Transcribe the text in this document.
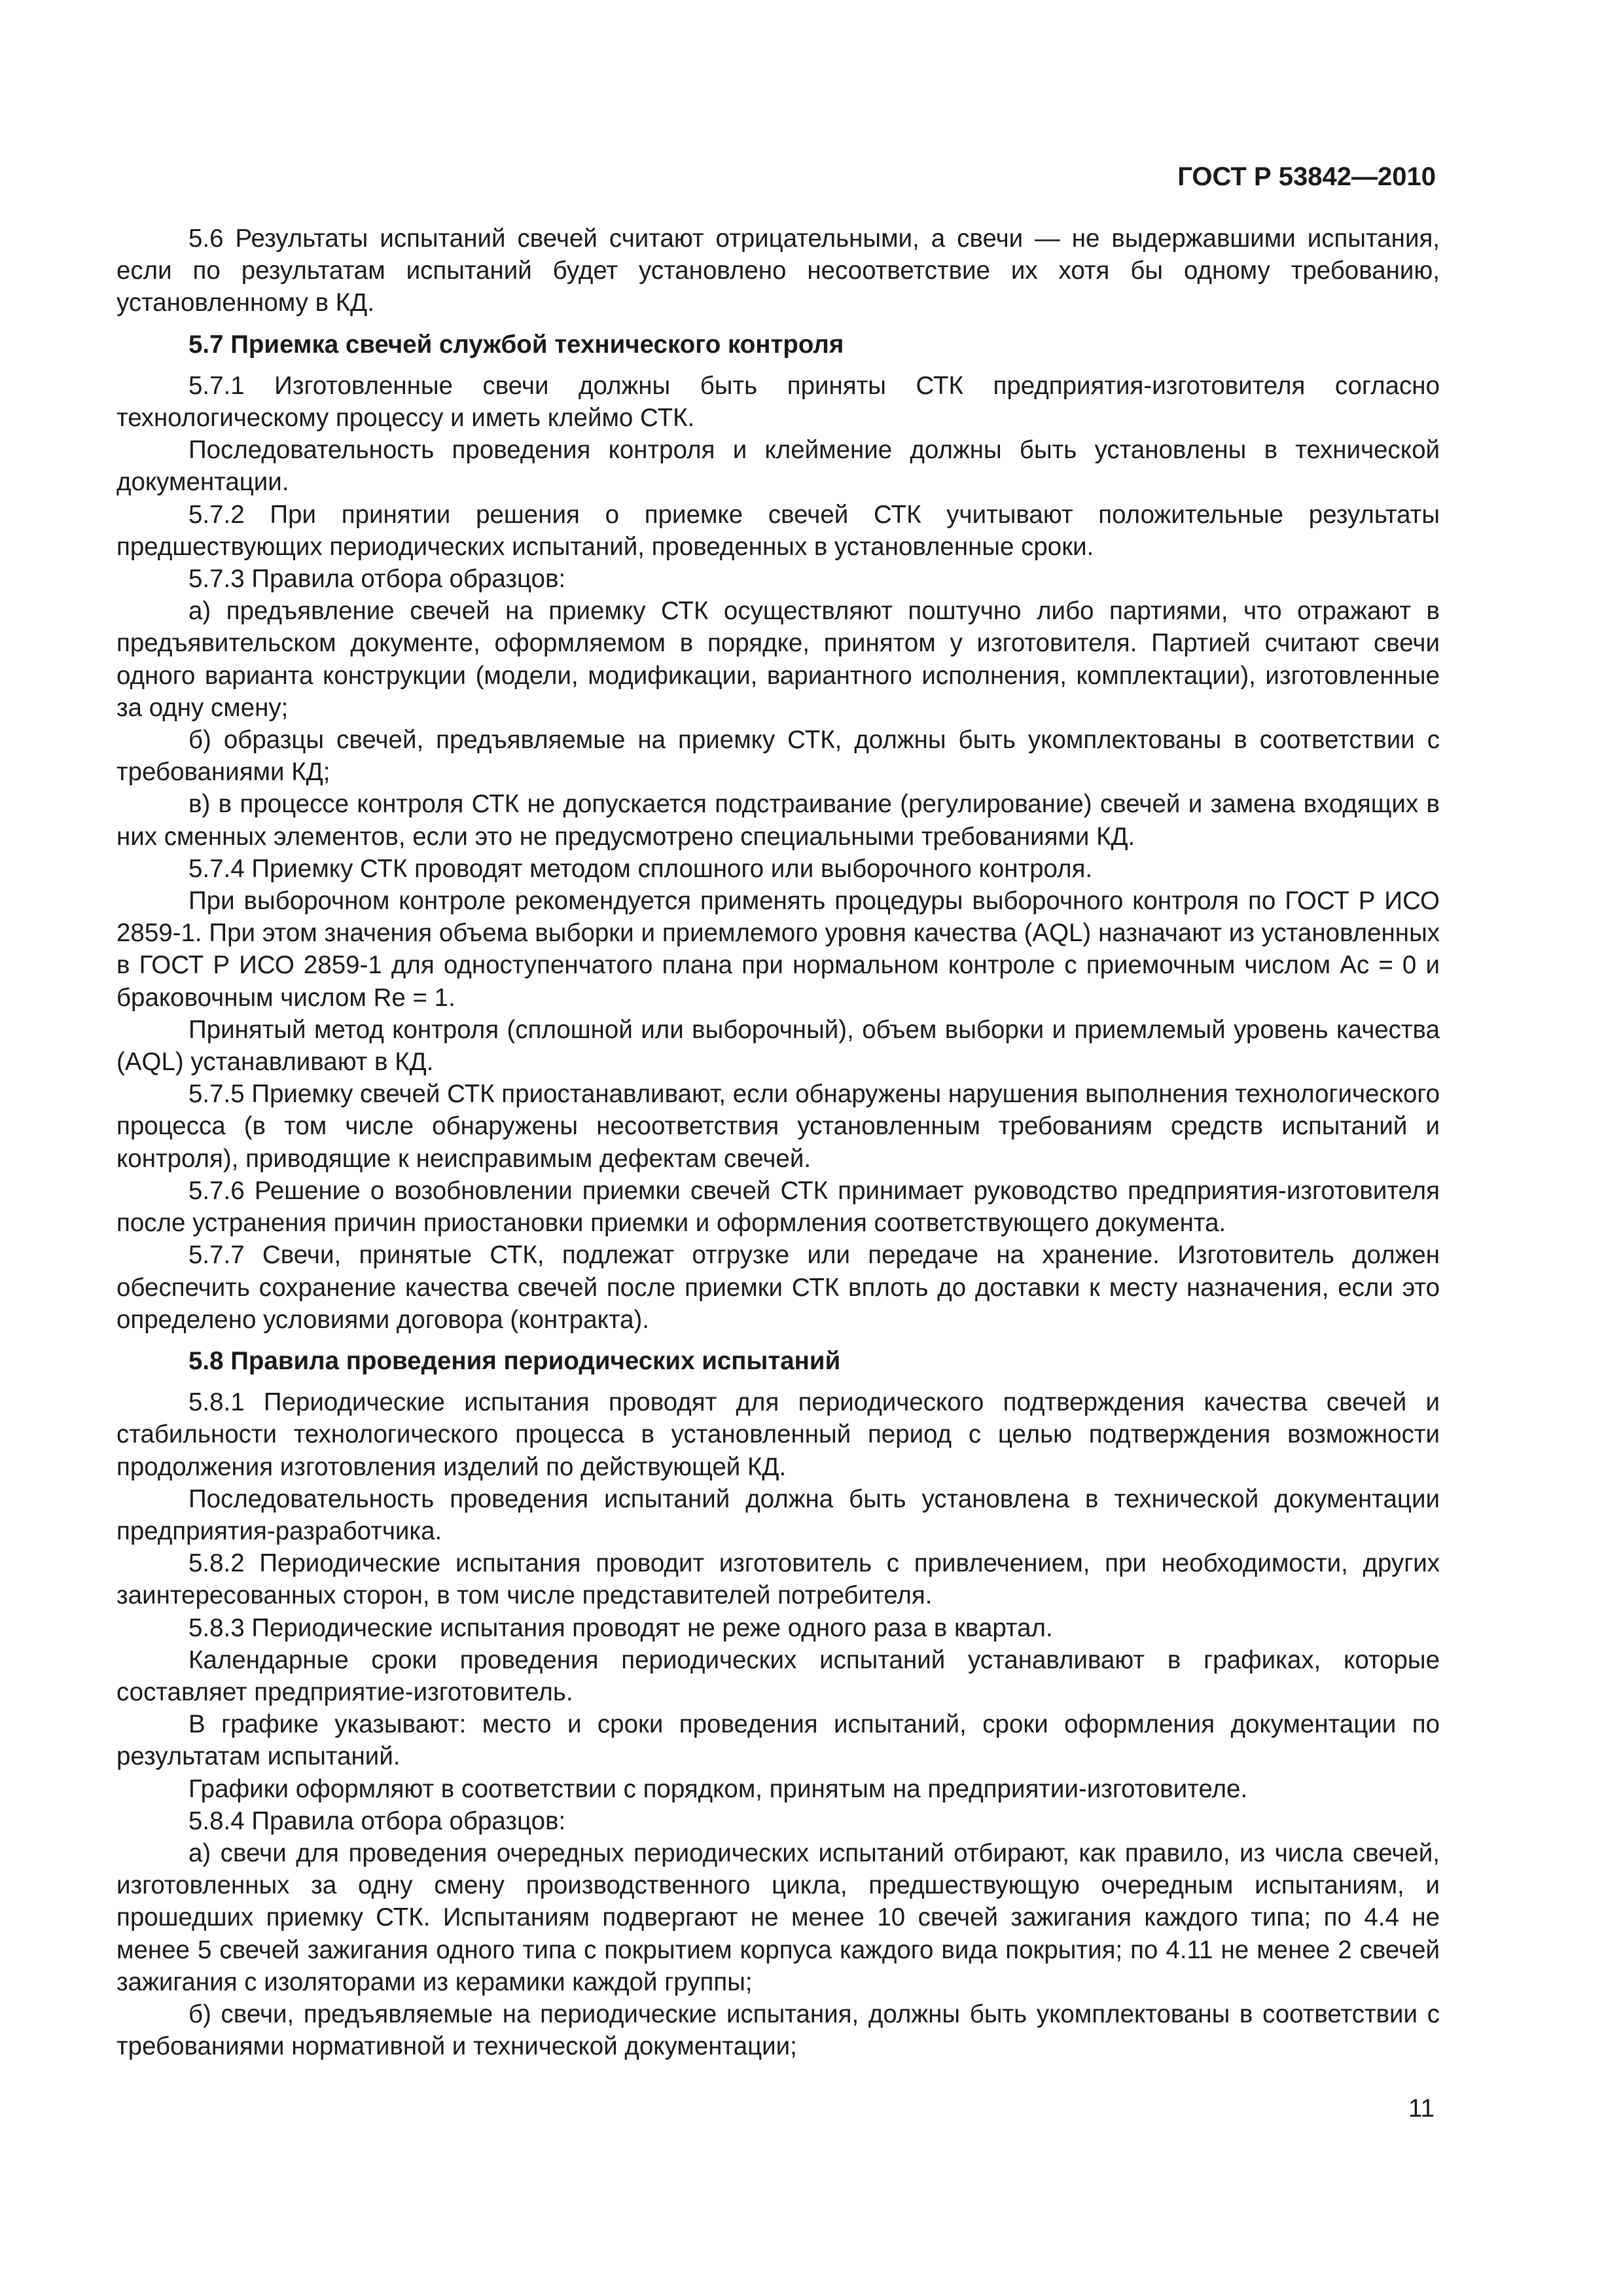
ГОСТ Р 53842—2010

5.6 Результаты испытаний свечей считают отрицательными, а свечи — не выдержавшими испытания, если по результатам испытаний будет установлено несоответствие их хотя бы одному требованию, установленному в КД.

5.7 Приемка свечей службой технического контроля

5.7.1 Изготовленные свечи должны быть приняты СТК предприятия-изготовителя согласно технологическому процессу и иметь клеймо СТК.

Последовательность проведения контроля и клеймение должны быть установлены в технической документации.

5.7.2 При принятии решения о приемке свечей СТК учитывают положительные результаты предшествующих периодических испытаний, проведенных в установленные сроки.

5.7.3 Правила отбора образцов:

а) предъявление свечей на приемку СТК осуществляют поштучно либо партиями, что отражают в предъявительском документе, оформляемом в порядке, принятом у изготовителя. Партией считают свечи одного варианта конструкции (модели, модификации, вариантного исполнения, комплектации), изготовленные за одну смену;

б) образцы свечей, предъявляемые на приемку СТК, должны быть укомплектованы в соответствии с требованиями КД;

в) в процессе контроля СТК не допускается подстраивание (регулирование) свечей и замена входящих в них сменных элементов, если это не предусмотрено специальными требованиями КД.

5.7.4 Приемку СТК проводят методом сплошного или выборочного контроля.

При выборочном контроле рекомендуется применять процедуры выборочного контроля по ГОСТ Р ИСО 2859-1. При этом значения объема выборки и приемлемого уровня качества (AQL) назначают из установленных в ГОСТ Р ИСО 2859-1 для одноступенчатого плана при нормальном контроле с приемочным числом Ac = 0 и браковочным числом Re = 1.

Принятый метод контроля (сплошной или выборочный), объем выборки и приемлемый уровень качества (AQL) устанавливают в КД.

5.7.5 Приемку свечей СТК приостанавливают, если обнаружены нарушения выполнения технологического процесса (в том числе обнаружены несоответствия установленным требованиям средств испытаний и контроля), приводящие к неисправимым дефектам свечей.

5.7.6 Решение о возобновлении приемки свечей СТК принимает руководство предприятия-изготовителя после устранения причин приостановки приемки и оформления соответствующего документа.

5.7.7 Свечи, принятые СТК, подлежат отгрузке или передаче на хранение. Изготовитель должен обеспечить сохранение качества свечей после приемки СТК вплоть до доставки к месту назначения, если это определено условиями договора (контракта).

5.8 Правила проведения периодических испытаний

5.8.1 Периодические испытания проводят для периодического подтверждения качества свечей и стабильности технологического процесса в установленный период с целью подтверждения возможности продолжения изготовления изделий по действующей КД.

Последовательность проведения испытаний должна быть установлена в технической документации предприятия-разработчика.

5.8.2 Периодические испытания проводит изготовитель с привлечением, при необходимости, других заинтересованных сторон, в том числе представителей потребителя.

5.8.3 Периодические испытания проводят не реже одного раза в квартал.

Календарные сроки проведения периодических испытаний устанавливают в графиках, которые составляет предприятие-изготовитель.

В графике указывают: место и сроки проведения испытаний, сроки оформления документации по результатам испытаний.

Графики оформляют в соответствии с порядком, принятым на предприятии-изготовителе.

5.8.4 Правила отбора образцов:

а) свечи для проведения очередных периодических испытаний отбирают, как правило, из числа свечей, изготовленных за одну смену производственного цикла, предшествующую очередным испытаниям, и прошедших приемку СТК. Испытаниям подвергают не менее 10 свечей зажигания каждого типа; по 4.4 не менее 5 свечей зажигания одного типа с покрытием корпуса каждого вида покрытия; по 4.11 не менее 2 свечей зажигания с изоляторами из керамики каждой группы;

б) свечи, предъявляемые на периодические испытания, должны быть укомплектованы в соответствии с требованиями нормативной и технической документации;

11
